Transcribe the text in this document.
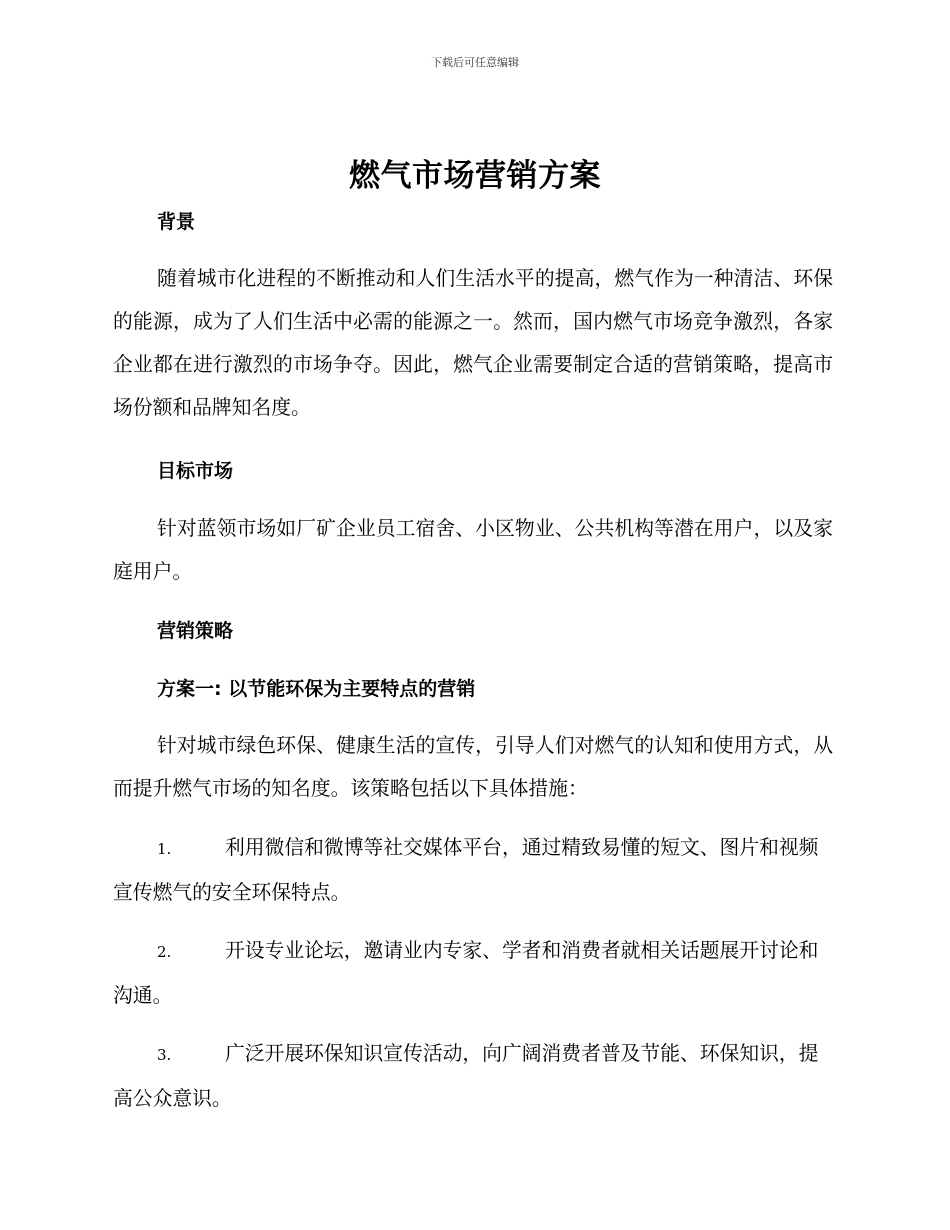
下载后可任意编辑
燃气市场营销方案
背景

随着城市化进程的不断推动和人们生活水平的提高，燃气作为一种清洁、环保的能源，成为了人们生活中必需的能源之一。然而，国内燃气市场竞争激烈，各家企业都在进行激烈的市场争夺。因此，燃气企业需要制定合适的营销策略，提高市场份额和品牌知名度。

目标市场

针对蓝领市场如厂矿企业员工宿舍、小区物业、公共机构等潜在用户，以及家庭用户。

营销策略
方案一: 以节能环保为主要特点的营销

针对城市绿色环保、健康生活的宣传，引导人们对燃气的认知和使用方式，从而提升燃气市场的知名度。该策略包括以下具体措施：

1.	利用微信和微博等社交媒体平台，通过精致易懂的短文、图片和视频宣传燃气的安全环保特点。

2.	开设专业论坛，邀请业内专家、学者和消费者就相关话题展开讨论和沟通。

3.	广泛开展环保知识宣传活动，向广阔消费者普及节能、环保知识，提高公众意识。
